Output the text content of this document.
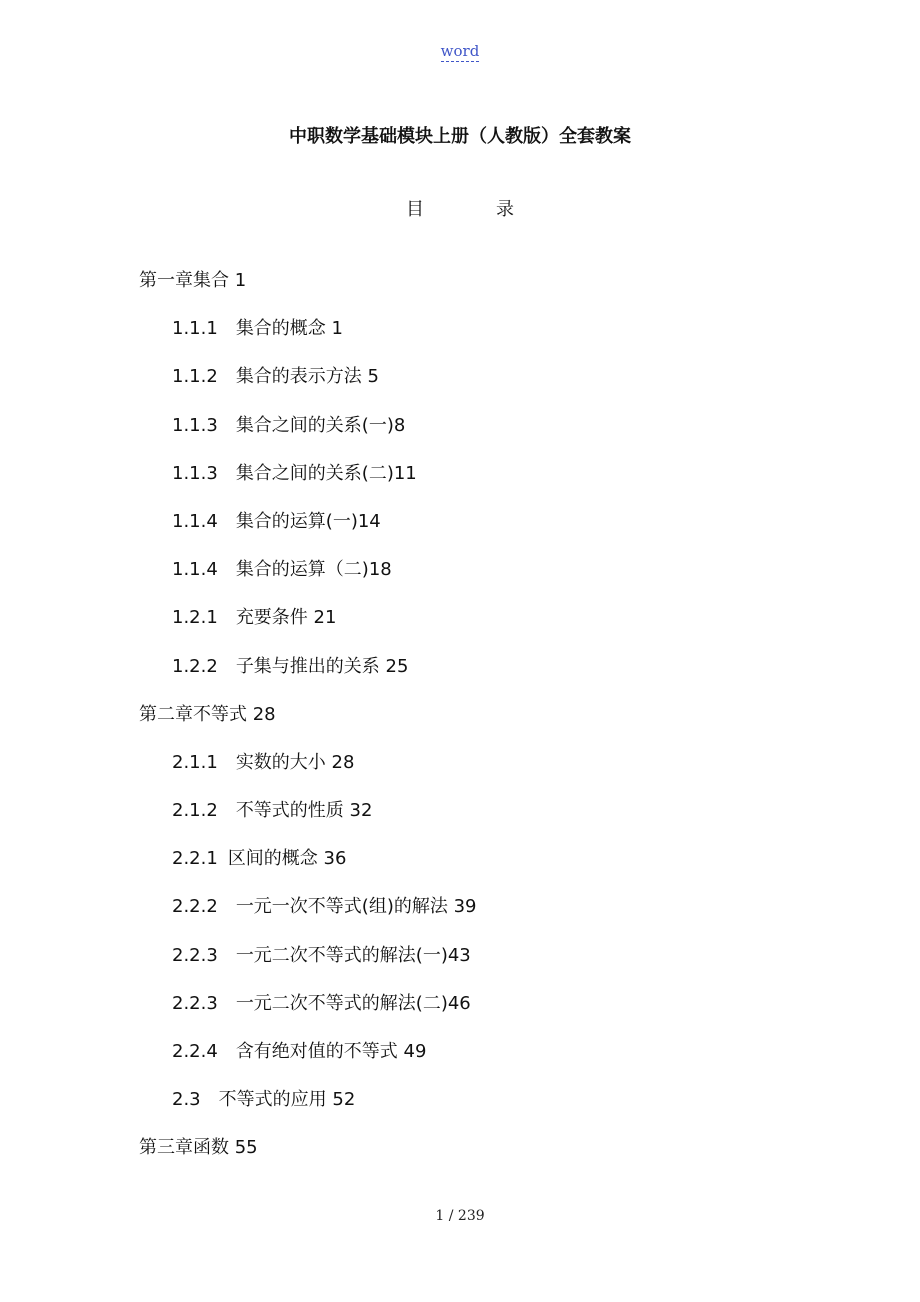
word
中职数学基础模块上册（人教版）全套教案
目	录
第一章集合 1
1.1.1 集合的概念 1
1.1.2 集合的表示方法 5
1.1.3 集合之间的关系(一)8
1.1.3 集合之间的关系(二)11
1.1.4 集合的运算(一)14
1.1.4 集合的运算（二)18
1.2.1 充要条件 21
1.2.2 子集与推出的关系 25
第二章不等式 28
2.1.1 实数的大小 28
2.1.2 不等式的性质 32
2.2.1 区间的概念 36
2.2.2 一元一次不等式(组)的解法 39
2.2.3 一元二次不等式的解法(一)43
2.2.3 一元二次不等式的解法(二)46
2.2.4 含有绝对值的不等式 49
2.3 不等式的应用 52
第三章函数 55
1 / 239
